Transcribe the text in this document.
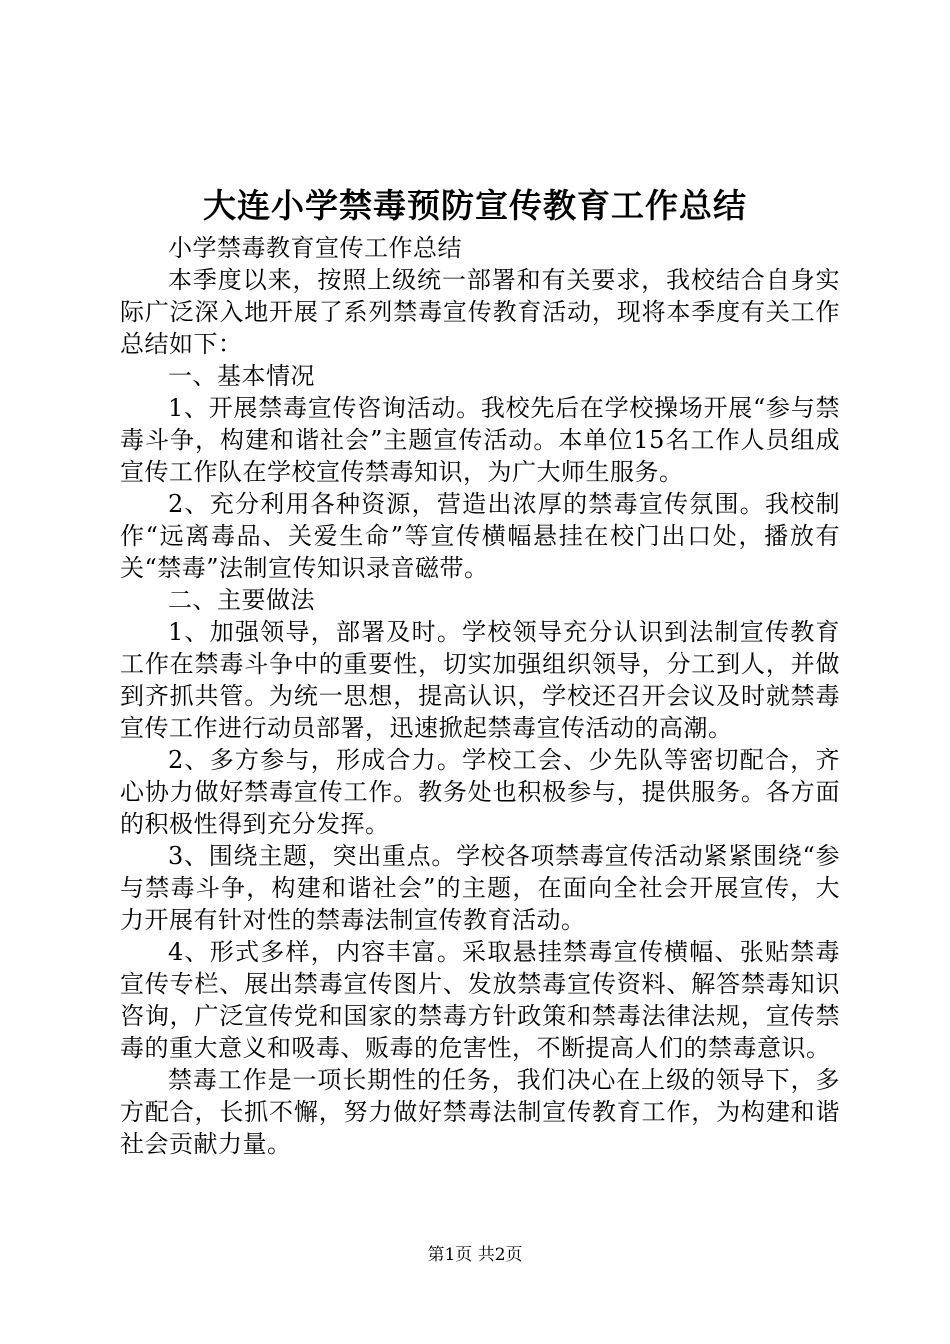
大连小学禁毒预防宣传教育工作总结

小学禁毒教育宣传工作总结

本季度以来，按照上级统一部署和有关要求，我校结合自身实际广泛深入地开展了系列禁毒宣传教育活动，现将本季度有关工作总结如下：

一、基本情况

1、开展禁毒宣传咨询活动。我校先后在学校操场开展“参与禁毒斗争，构建和谐社会”主题宣传活动。本单位15名工作人员组成宣传工作队在学校宣传禁毒知识，为广大师生服务。

2、充分利用各种资源，营造出浓厚的禁毒宣传氛围。我校制作“远离毒品、关爱生命”等宣传横幅悬挂在校门出口处，播放有关“禁毒”法制宣传知识录音磁带。

二、主要做法

1、加强领导，部署及时。学校领导充分认识到法制宣传教育工作在禁毒斗争中的重要性，切实加强组织领导，分工到人，并做到齐抓共管。为统一思想，提高认识，学校还召开会议及时就禁毒宣传工作进行动员部署，迅速掀起禁毒宣传活动的高潮。

2、多方参与，形成合力。学校工会、少先队等密切配合，齐心协力做好禁毒宣传工作。教务处也积极参与，提供服务。各方面的积极性得到充分发挥。

3、围绕主题，突出重点。学校各项禁毒宣传活动紧紧围绕“参与禁毒斗争，构建和谐社会”的主题，在面向全社会开展宣传，大力开展有针对性的禁毒法制宣传教育活动。

4、形式多样，内容丰富。采取悬挂禁毒宣传横幅、张贴禁毒宣传专栏、展出禁毒宣传图片、发放禁毒宣传资料、解答禁毒知识咨询，广泛宣传党和国家的禁毒方针政策和禁毒法律法规，宣传禁毒的重大意义和吸毒、贩毒的危害性，不断提高人们的禁毒意识。

禁毒工作是一项长期性的任务，我们决心在上级的领导下，多方配合，长抓不懈，努力做好禁毒法制宣传教育工作，为构建和谐社会贡献力量。

第1页 共2页
